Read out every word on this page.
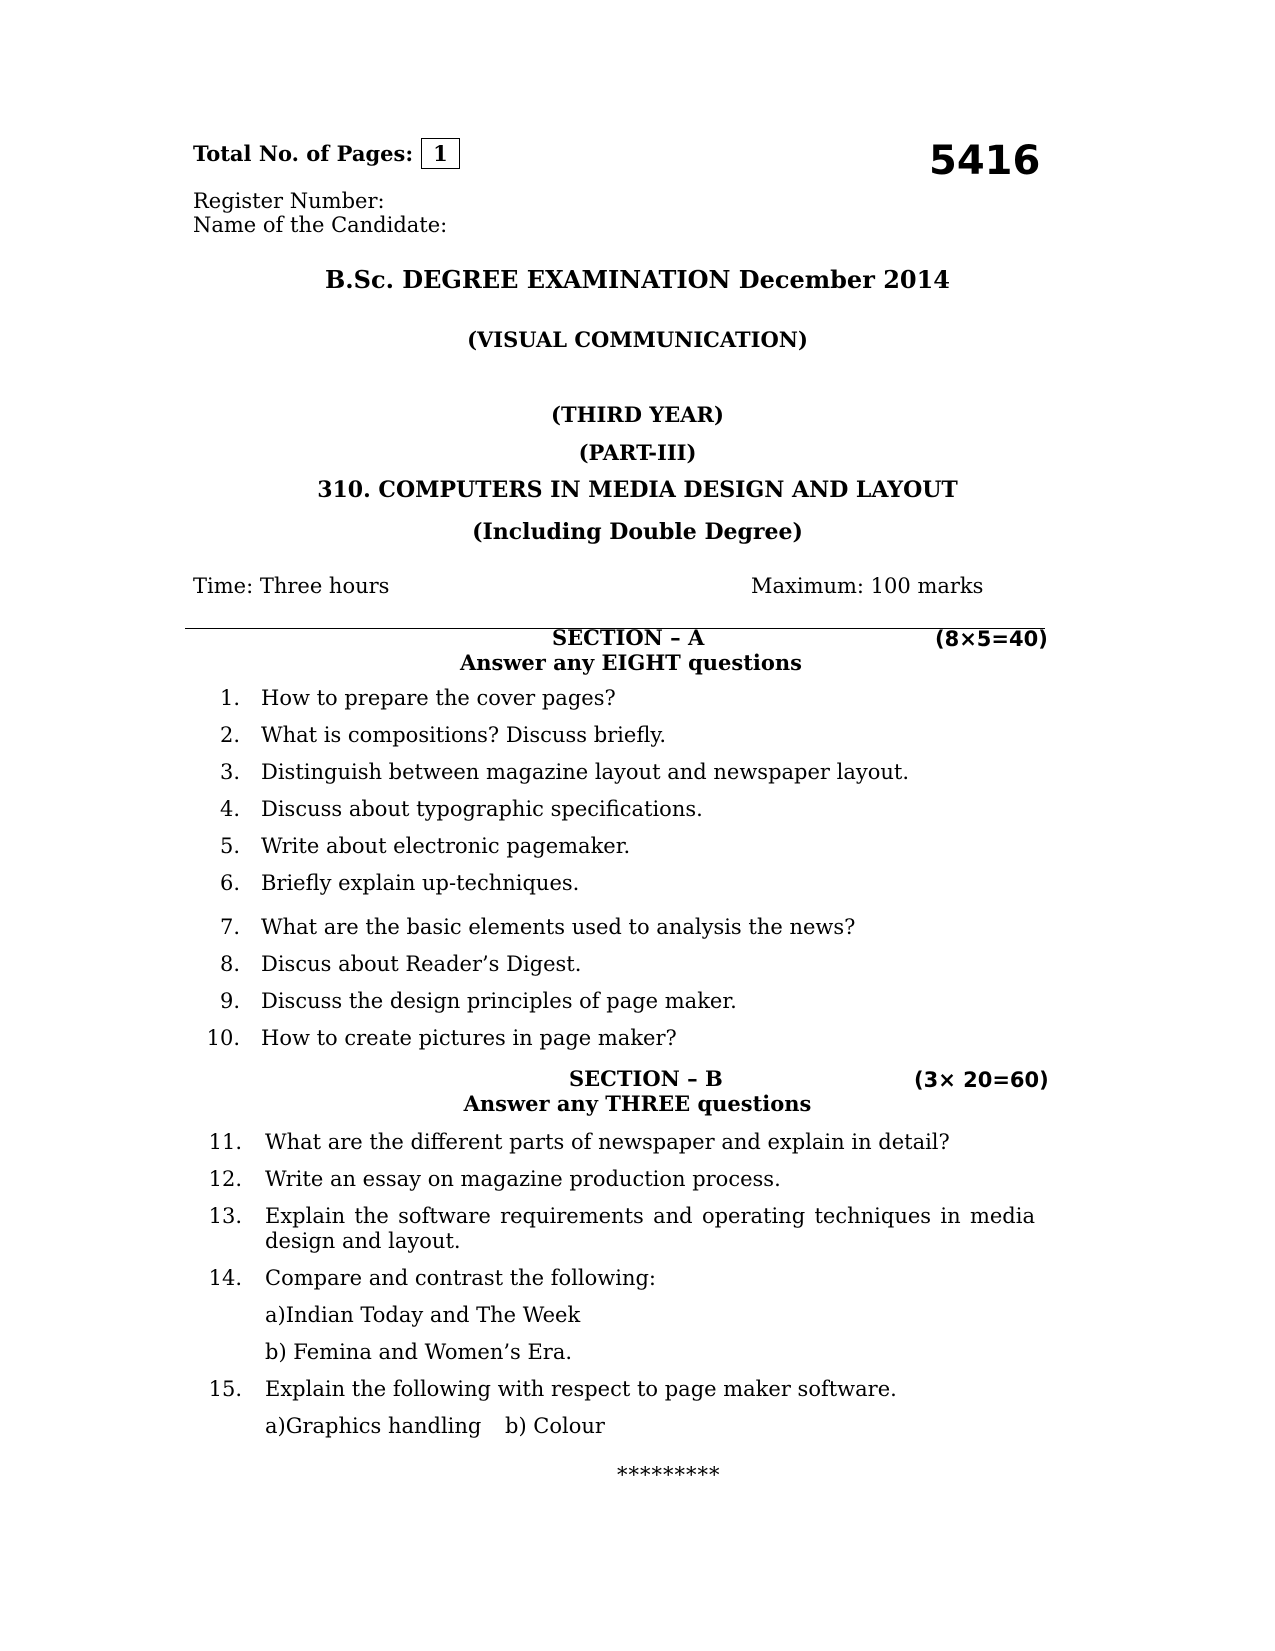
Total No. of Pages: 1	5416
Register Number:
Name of the Candidate:
B.Sc. DEGREE EXAMINATION December 2014
(VISUAL COMMUNICATION)
(THIRD YEAR)
(PART-III)
310. COMPUTERS IN MEDIA DESIGN AND LAYOUT
(Including Double Degree)
Time: Three hours	Maximum: 100 marks
SECTION – A	(8×5=40)
Answer any EIGHT questions
1. How to prepare the cover pages?
2. What is compositions? Discuss briefly.
3. Distinguish between magazine layout and newspaper layout.
4. Discuss about typographic specifications.
5. Write about electronic pagemaker.
6. Briefly explain up-techniques.
7. What are the basic elements used to analysis the news?
8. Discus about Reader’s Digest.
9. Discuss the design principles of page maker.
10. How to create pictures in page maker?
SECTION – B	(3× 20=60)
Answer any THREE questions
11. What are the different parts of newspaper and explain in detail?
12. Write an essay on magazine production process.
13. Explain the software requirements and operating techniques in media design and layout.
14. Compare and contrast the following:
a)Indian Today and The Week
b) Femina and Women’s Era.
15. Explain the following with respect to page maker software.
a)Graphics handling b) Colour
*********
